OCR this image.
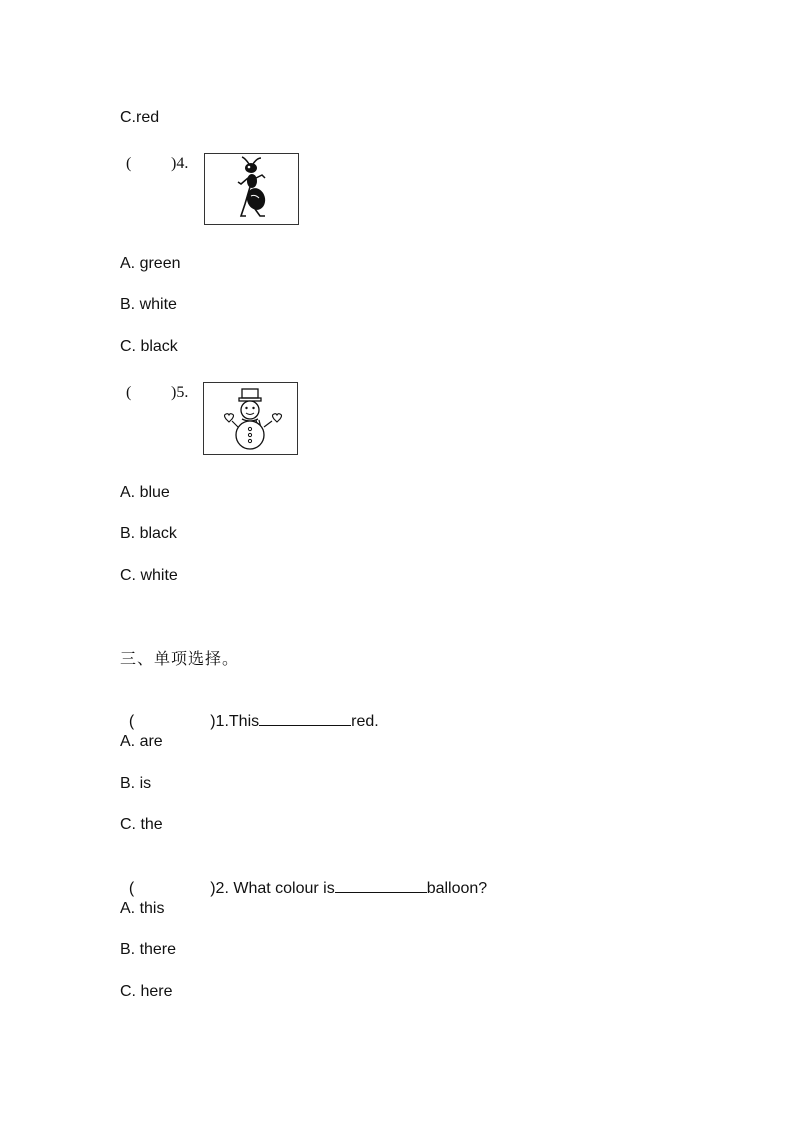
C.red
( )4.
A. green
B. white
C. black
( )5.
A. blue
B. black
C. white
三、单项选择。

(	)1.This	red.

A. are
B. is
C. the

(	)2. What colour is	balloon?

A. this
B. there
C. here
